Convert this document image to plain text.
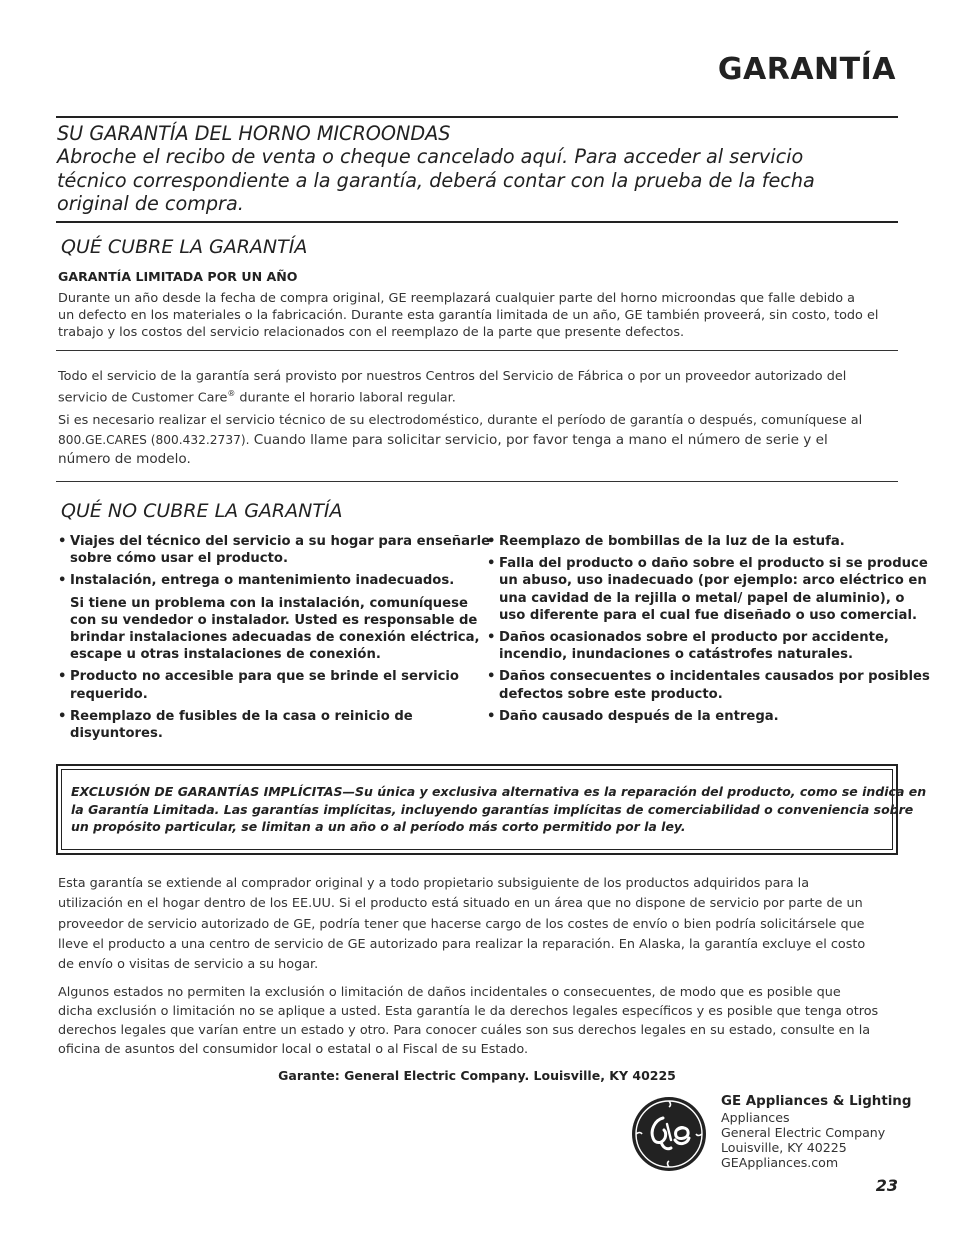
GARANTÍA
SU GARANTÍA DEL HORNO MICROONDAS
Abroche el recibo de venta o cheque cancelado aquí. Para acceder al servicio
técnico correspondiente a la garantía, deberá contar con la prueba de la fecha
original de compra.
QUÉ CUBRE LA GARANTÍA
GARANTÍA LIMITADA POR UN AÑO
Durante un año desde la fecha de compra original, GE reemplazará cualquier parte del horno microondas que falle debido a
un defecto en los materiales o la fabricación. Durante esta garantía limitada de un año, GE también proveerá, sin costo, todo el
trabajo y los costos del servicio relacionados con el reemplazo de la parte que presente defectos.
Todo el servicio de la garantía será provisto por nuestros Centros del Servicio de Fábrica o por un proveedor autorizado del
servicio de Customer Care® durante el horario laboral regular.
Si es necesario realizar el servicio técnico de su electrodoméstico, durante el período de garantía o después, comuníquese al
800.GE.CARES (800.432.2737). Cuando llame para solicitar servicio, por favor tenga a mano el número de serie y el
número de modelo.
QUÉ NO CUBRE LA GARANTÍA
• Viajes del técnico del servicio a su hogar para enseñarle
sobre cómo usar el producto.
• Instalación, entrega o mantenimiento inadecuados.
Si tiene un problema con la instalación, comuníquese
con su vendedor o instalador. Usted es responsable de
brindar instalaciones adecuadas de conexión eléctrica,
escape u otras instalaciones de conexión.
• Producto no accesible para que se brinde el servicio
requerido.
• Reemplazo de fusibles de la casa o reinicio de
disyuntores.
• Reemplazo de bombillas de la luz de la estufa.
• Falla del producto o daño sobre el producto si se produce
un abuso, uso inadecuado (por ejemplo: arco eléctrico en
una cavidad de la rejilla o metal/ papel de aluminio), o
uso diferente para el cual fue diseñado o uso comercial.
• Daños ocasionados sobre el producto por accidente,
incendio, inundaciones o catástrofes naturales.
• Daños consecuentes o incidentales causados por posibles
defectos sobre este producto.
• Daño causado después de la entrega.
EXCLUSIÓN DE GARANTÍAS IMPLÍCITAS—Su única y exclusiva alternativa es la reparación del producto, como se indica en
la Garantía Limitada. Las garantías implícitas, incluyendo garantías implícitas de comerciabilidad o conveniencia sobre
un propósito particular, se limitan a un año o al período más corto permitido por la ley.
Esta garantía se extiende al comprador original y a todo propietario subsiguiente de los productos adquiridos para la
utilización en el hogar dentro de los EE.UU. Si el producto está situado en un área que no dispone de servicio por parte de un
proveedor de servicio autorizado de GE, podría tener que hacerse cargo de los costes de envío o bien podría solicitársele que
lleve el producto a una centro de servicio de GE autorizado para realizar la reparación. En Alaska, la garantía excluye el costo
de envío o visitas de servicio a su hogar.
Algunos estados no permiten la exclusión o limitación de daños incidentales o consecuentes, de modo que es posible que
dicha exclusión o limitación no se aplique a usted. Esta garantía le da derechos legales específicos y es posible que tenga otros
derechos legales que varían entre un estado y otro. Para conocer cuáles son sus derechos legales en su estado, consulte en la
oficina de asuntos del consumidor local o estatal o al Fiscal de su Estado.
Garante: General Electric Company. Louisville, KY 40225
GE Appliances & Lighting
Appliances
General Electric Company
Louisville, KY 40225
GEAppliances.com
23
